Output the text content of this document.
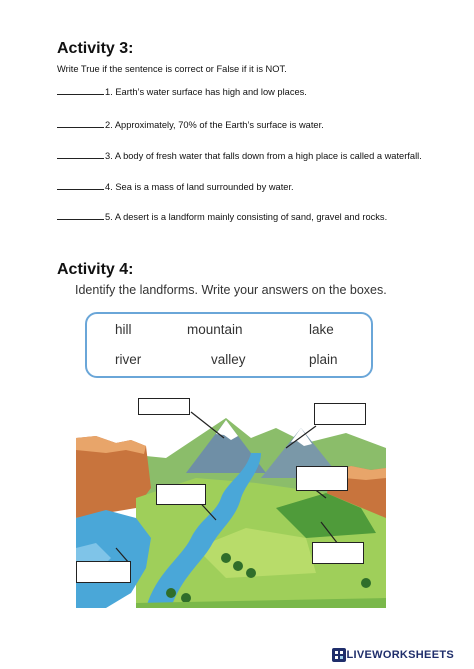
Activity 3:
Write True if the sentence is correct or False if it is NOT.
1. Earth’s water surface has high and low places.
2. Approximately, 70% of the Earth’s surface is water.
3. A body of fresh water that falls down from a high place is called a waterfall.
4. Sea is a mass of land surrounded by water.
5. A desert is a landform mainly consisting of sand, gravel and rocks.
Activity 4:
Identify the landforms. Write your answers on the boxes.
hill	mountain	lake
river	valley	plain
LIVEWORKSHEETS
